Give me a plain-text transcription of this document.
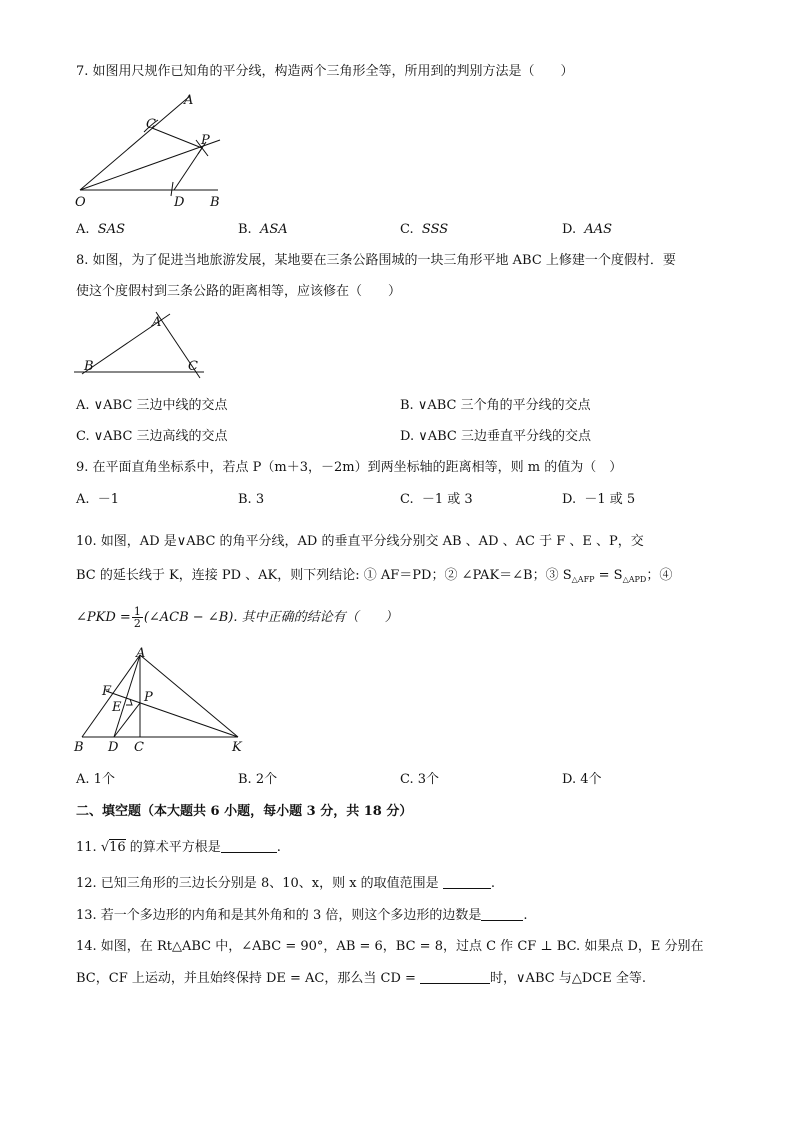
7. 如图用尺规作已知角的平分线，构造两个三角形全等，所用到的判别方法是（　　）
A
C
P
O	D B
A. SAS	B. ASA	C. SSS	D. AAS
8. 如图，为了促进当地旅游发展，某地要在三条公路围城的一块三角形平地 ABC 上修建一个度假村．要
使这个度假村到三条公路的距离相等，应该修在（　　）
A
B	C
A. ∨ABC 三边中线的交点	B. ∨ABC 三个角的平分线的交点
C. ∨ABC 三边高线的交点	D. ∨ABC 三边垂直平分线的交点
9. 在平面直角坐标系中，若点 P（m＋3，－2m）到两坐标轴的距离相等，则 m 的值为（　）
A. －1	B. 3	C. －1 或 3	D. －1 或 5
10. 如图，AD 是∨ABC 的角平分线，AD 的垂直平分线分别交 AB 、AD 、AC 于 F 、E 、P，交
BC 的延长线于 K，连接 PD 、AK，则下列结论: ① AF＝PD；② ∠PAK＝∠B；③ $S_{\triangle AFP} = S_{\triangle APD}$；④
∠PKD = $\frac{1}{2}$ (∠ACB − ∠B). 其中正确的结论有（　　）
A
F
E
P
B D C	K
A. 1个	B. 2个	C. 3个	D. 4个
二、填空题（本大题共 6 小题，每小题 3 分，共 18 分）
11. √16 的算术平方根是	.
12. 已知三角形的三边长分别是 8、10、x，则 x 的取值范围是	.
13. 若一个多边形的内角和是其外角和的 3 倍，则这个多边形的边数是	.
14. 如图，在 Rt△ABC 中，∠ABC = 90°，AB = 6，BC = 8，过点 C 作 CF ⊥ BC. 如果点 D，E 分别在
BC，CF 上运动，并且始终保持 DE = AC，那么当 CD =	时，∨ABC 与△DCE 全等.
